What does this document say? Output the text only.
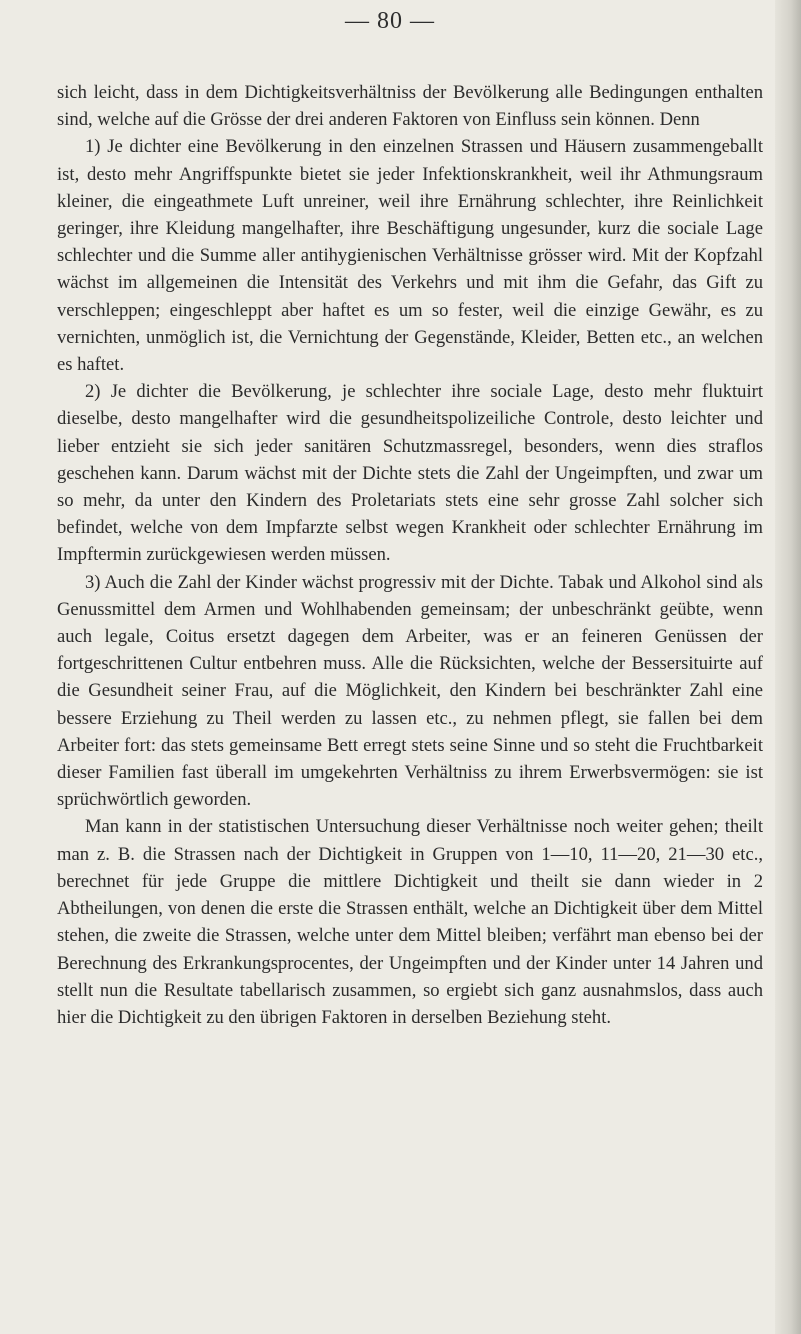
— 80 —

sich leicht, dass in dem Dichtigkeitsverhältniss der Bevölkerung alle Bedingungen enthalten sind, welche auf die Grösse der drei anderen Faktoren von Einfluss sein können. Denn

1) Je dichter eine Bevölkerung in den einzelnen Strassen und Häusern zusammengeballt ist, desto mehr Angriffspunkte bietet sie jeder Infektionskrankheit, weil ihr Athmungsraum kleiner, die eingeathmete Luft unreiner, weil ihre Ernährung schlechter, ihre Reinlichkeit geringer, ihre Kleidung mangelhafter, ihre Beschäftigung ungesunder, kurz die sociale Lage schlechter und die Summe aller antihygienischen Verhältnisse grösser wird. Mit der Kopfzahl wächst im allgemeinen die Intensität des Verkehrs und mit ihm die Gefahr, das Gift zu verschleppen; eingeschleppt aber haftet es um so fester, weil die einzige Gewähr, es zu vernichten, unmöglich ist, die Vernichtung der Gegenstände, Kleider, Betten etc., an welchen es haftet.

2) Je dichter die Bevölkerung, je schlechter ihre sociale Lage, desto mehr fluktuirt dieselbe, desto mangelhafter wird die gesundheitspolizeiliche Controle, desto leichter und lieber entzieht sie sich jeder sanitären Schutzmassregel, besonders, wenn dies straflos geschehen kann. Darum wächst mit der Dichte stets die Zahl der Ungeimpften, und zwar um so mehr, da unter den Kindern des Proletariats stets eine sehr grosse Zahl solcher sich befindet, welche von dem Impfarzte selbst wegen Krankheit oder schlechter Ernährung im Impftermin zurückgewiesen werden müssen.

3) Auch die Zahl der Kinder wächst progressiv mit der Dichte. Tabak und Alkohol sind als Genussmittel dem Armen und Wohlhabenden gemeinsam; der unbeschränkt geübte, wenn auch legale, Coitus ersetzt dagegen dem Arbeiter, was er an feineren Genüssen der fortgeschrittenen Cultur entbehren muss. Alle die Rücksichten, welche der Bessersituirte auf die Gesundheit seiner Frau, auf die Möglichkeit, den Kindern bei beschränkter Zahl eine bessere Erziehung zu Theil werden zu lassen etc., zu nehmen pflegt, sie fallen bei dem Arbeiter fort: das stets gemeinsame Bett erregt stets seine Sinne und so steht die Fruchtbarkeit dieser Familien fast überall im umgekehrten Verhältniss zu ihrem Erwerbsvermögen: sie ist sprüchwörtlich geworden.

Man kann in der statistischen Untersuchung dieser Verhältnisse noch weiter gehen; theilt man z. B. die Strassen nach der Dichtigkeit in Gruppen von 1—10, 11—20, 21—30 etc., berechnet für jede Gruppe die mittlere Dichtigkeit und theilt sie dann wieder in 2 Abtheilungen, von denen die erste die Strassen enthält, welche an Dichtigkeit über dem Mittel stehen, die zweite die Strassen, welche unter dem Mittel bleiben; verfährt man ebenso bei der Berechnung des Erkrankungsprocentes, der Ungeimpften und der Kinder unter 14 Jahren und stellt nun die Resultate tabellarisch zusammen, so ergiebt sich ganz ausnahmslos, dass auch hier die Dichtigkeit zu den übrigen Faktoren in derselben Beziehung steht.
